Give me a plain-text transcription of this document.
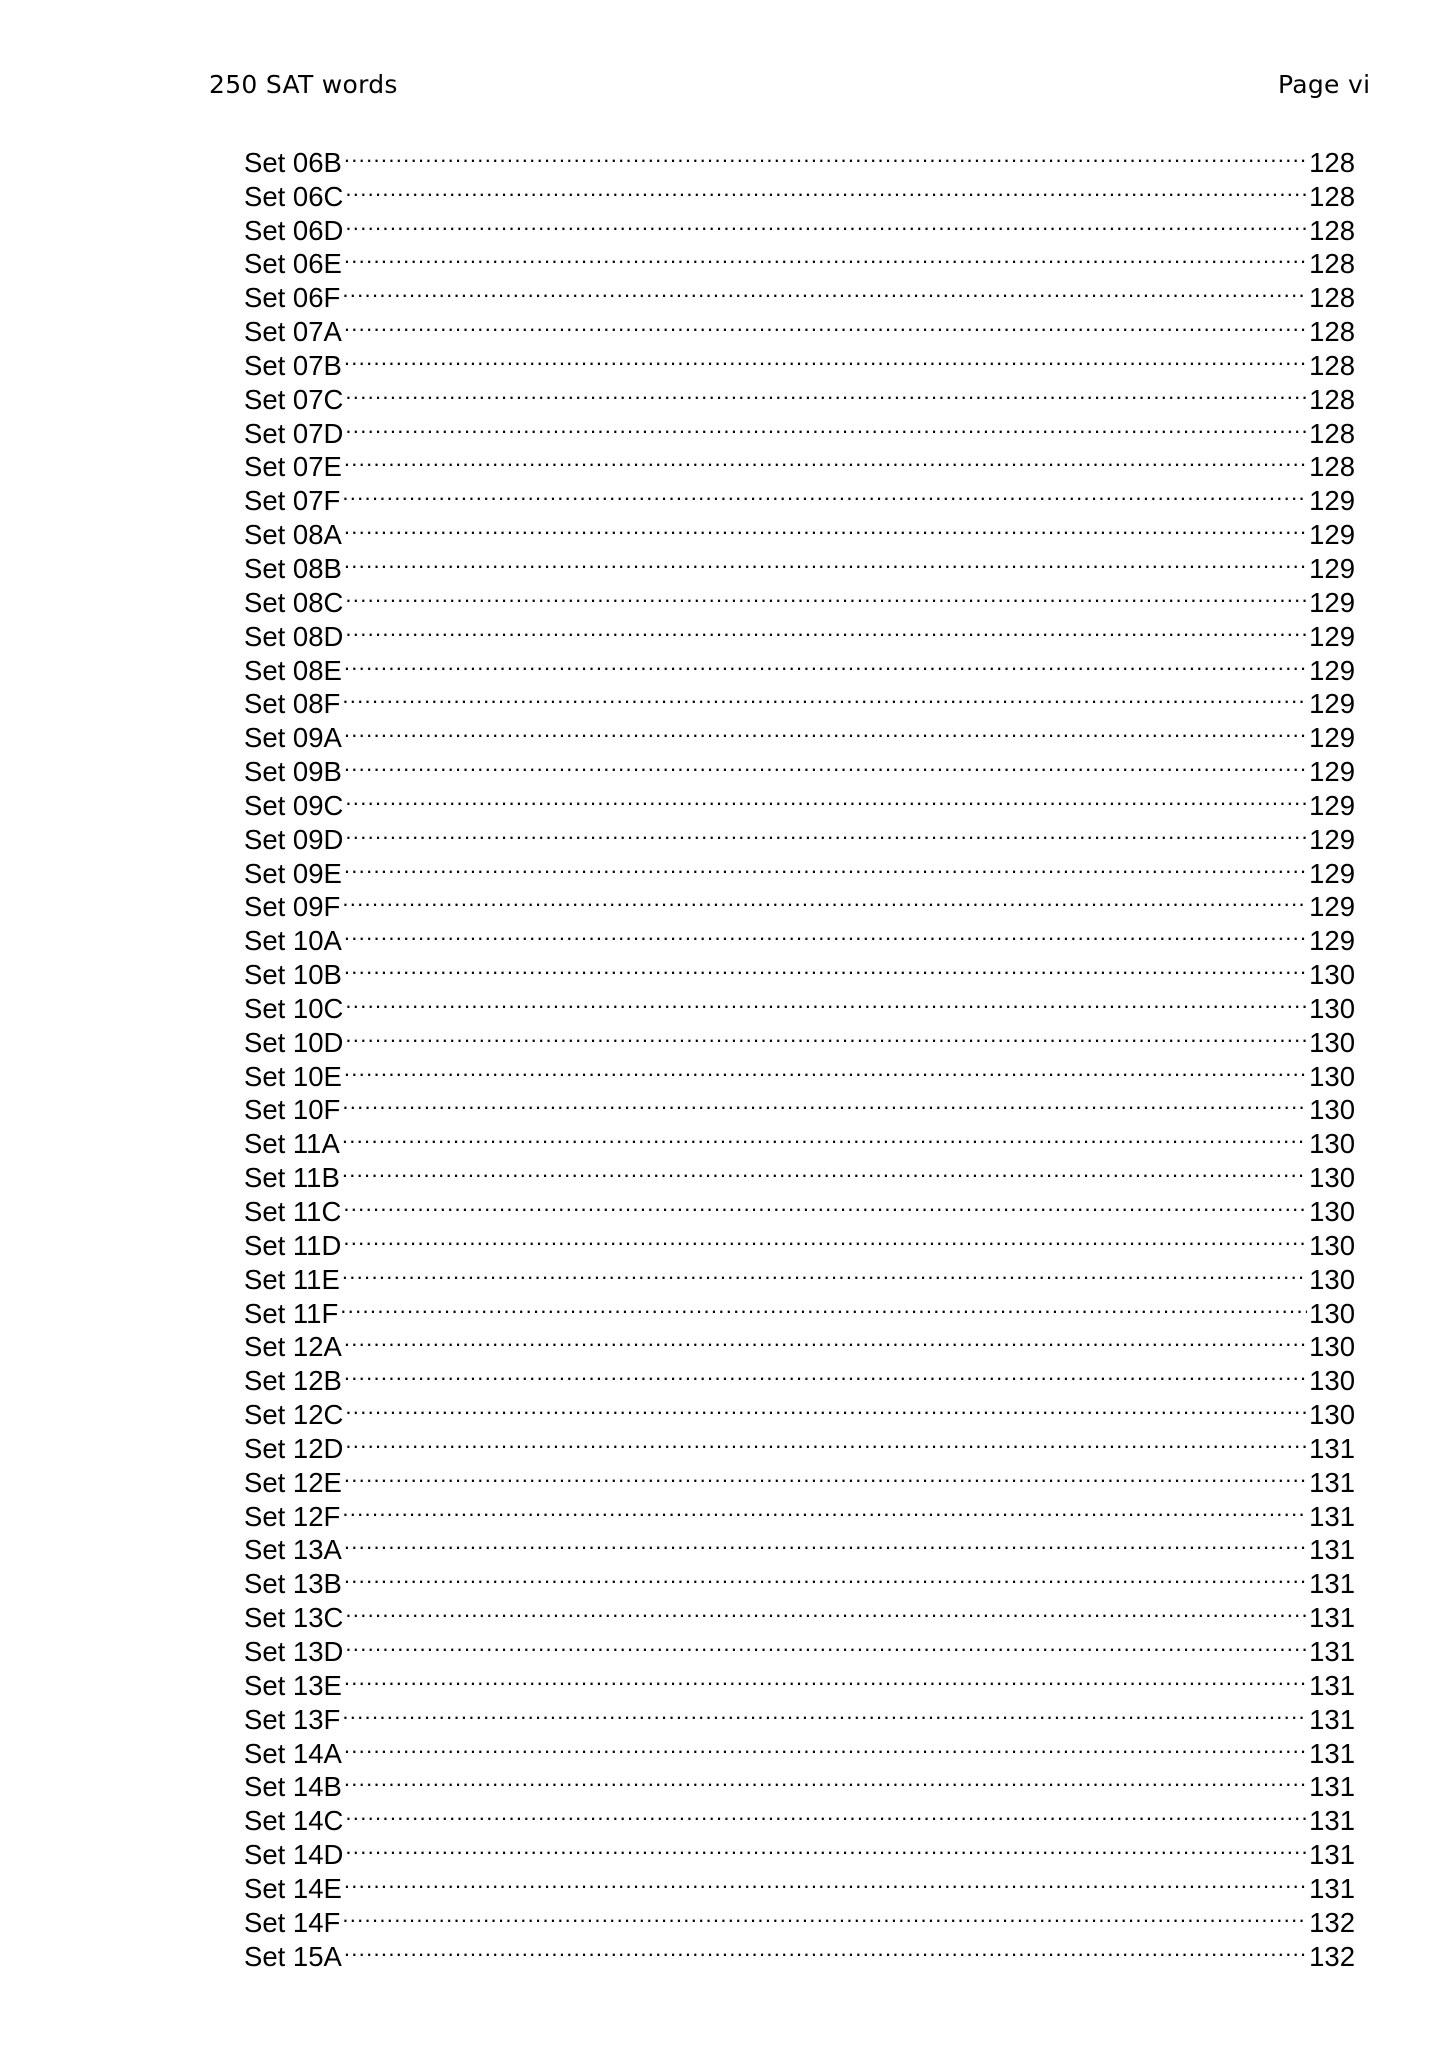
250 SAT words	Page vi
Set 06B .....	128
Set 06C .....	128
Set 06D .....	128
Set 06E .....	128
Set 06F .....	128
Set 07A .....	128
Set 07B .....	128
Set 07C .....	128
Set 07D .....	128
Set 07E .....	128
Set 07F .....	129
Set 08A .....	129
Set 08B .....	129
Set 08C .....	129
Set 08D .....	129
Set 08E .....	129
Set 08F .....	129
Set 09A .....	129
Set 09B .....	129
Set 09C .....	129
Set 09D .....	129
Set 09E .....	129
Set 09F .....	129
Set 10A .....	129
Set 10B .....	130
Set 10C .....	130
Set 10D .....	130
Set 10E .....	130
Set 10F .....	130
Set 11A .....	130
Set 11B .....	130
Set 11C .....	130
Set 11D .....	130
Set 11E .....	130
Set 11F .....	130
Set 12A .....	130
Set 12B .....	130
Set 12C .....	130
Set 12D .....	131
Set 12E .....	131
Set 12F .....	131
Set 13A .....	131
Set 13B .....	131
Set 13C .....	131
Set 13D .....	131
Set 13E .....	131
Set 13F .....	131
Set 14A .....	131
Set 14B .....	131
Set 14C .....	131
Set 14D .....	131
Set 14E .....	131
Set 14F .....	132
Set 15A .....	132
